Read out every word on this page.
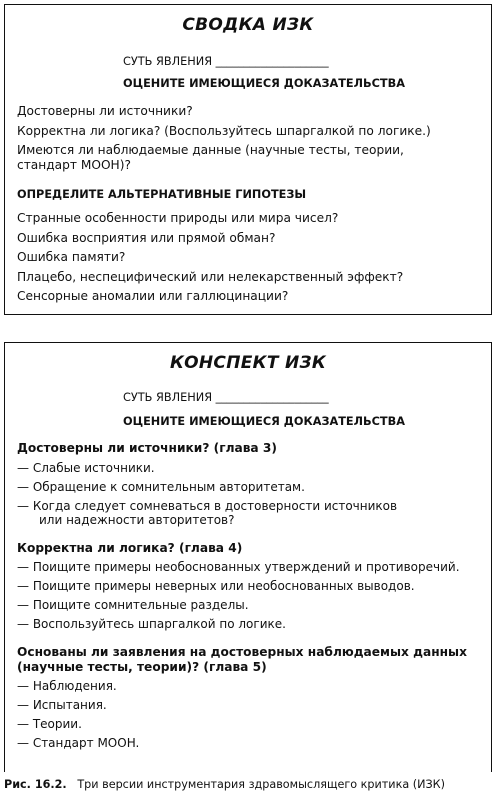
СВОДКА ИЗК
СУТЬ ЯВЛЕНИЯ ____________________
ОЦЕНИТЕ ИМЕЮЩИЕСЯ ДОКАЗАТЕЛЬСТВА
Достоверны ли источники?
Корректна ли логика? (Воспользуйтесь шпаргалкой по логике.)
Имеются ли наблюдаемые данные (научные тесты, теории,
стандарт MOOH)?
ОПРЕДЕЛИТЕ АЛЬТЕРНАТИВНЫЕ ГИПОТЕЗЫ
Странные особенности природы или мира чисел?
Ошибка восприятия или прямой обман?
Ошибка памяти?
Плацебо, неспецифический или нелекарственный эффект?
Сенсорные аномалии или галлюцинации?
КОНСПЕКТ ИЗК
СУТЬ ЯВЛЕНИЯ ____________________
ОЦЕНИТЕ ИМЕЮЩИЕСЯ ДОКАЗАТЕЛЬСТВА
Достоверны ли источники? (глава 3)
— Слабые источники.
— Обращение к сомнительным авторитетам.
— Когда следует сомневаться в достоверности источников
или надежности авторитетов?
Корректна ли логика? (глава 4)
— Поищите примеры необоснованных утверждений и противоречий.
— Поищите примеры неверных или необоснованных выводов.
— Поищите сомнительные разделы.
— Воспользуйтесь шпаргалкой по логике.
Основаны ли заявления на достоверных наблюдаемых данных
(научные тесты, теории)? (глава 5)
— Наблюдения.
— Испытания.
— Теории.
— Стандарт MOOH.
Рис. 16.2. Три версии инструментария здравомыслящего критика (ИЗК)
